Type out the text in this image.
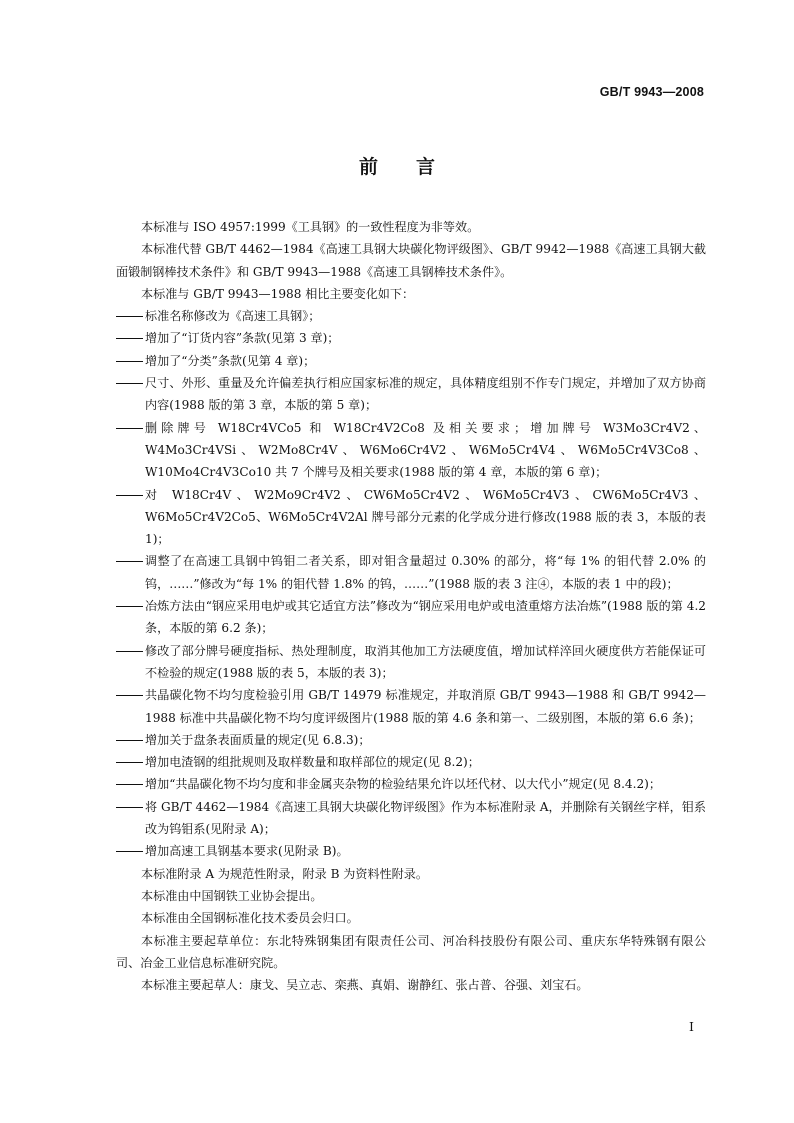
GB/T 9943—2008
前言

本标准与 ISO 4957:1999《工具钢》的一致性程度为非等效。

本标准代替 GB/T 4462—1984《高速工具钢大块碳化物评级图》、GB/T 9942—1988《高速工具钢大截面锻制钢棒技术条件》和 GB/T 9943—1988《高速工具钢棒技术条件》。

本标准与 GB/T 9943—1988 相比主要变化如下：

标准名称修改为《高速工具钢》；
增加了“订货内容”条款(见第 3 章)；
增加了“分类”条款(见第 4 章)；
尺寸、外形、重量及允许偏差执行相应国家标准的规定，具体精度组别不作专门规定，并增加了双方协商内容(1988 版的第 3 章，本版的第 5 章)；
删除牌号 W18Cr4VCo5 和 W18Cr4V2Co8 及相关要求；增加牌号 W3Mo3Cr4V2、W4Mo3Cr4VSi、W2Mo8Cr4V、W6Mo6Cr4V2、W6Mo5Cr4V4、W6Mo5Cr4V3Co8、W10Mo4Cr4V3Co10 共 7 个牌号及相关要求(1988 版的第 4 章，本版的第 6 章)；
对 W18Cr4V、W2Mo9Cr4V2、CW6Mo5Cr4V2、W6Mo5Cr4V3、CW6Mo5Cr4V3、W6Mo5Cr4V2Co5、W6Mo5Cr4V2Al 牌号部分元素的化学成分进行修改(1988 版的表 3，本版的表 1)；
调整了在高速工具钢中钨钼二者关系，即对钼含量超过 0.30% 的部分，将“每 1% 的钼代替 2.0% 的钨，……”修改为“每 1% 的钼代替 1.8% 的钨，……”(1988 版的表 3 注④，本版的表 1 中的段)；
冶炼方法由“钢应采用电炉或其它适宜方法”修改为“钢应采用电炉或电渣重熔方法冶炼”(1988 版的第 4.2 条，本版的第 6.2 条)；
修改了部分牌号硬度指标、热处理制度，取消其他加工方法硬度值，增加试样淬回火硬度供方若能保证可不检验的规定(1988 版的表 5，本版的表 3)；
共晶碳化物不均匀度检验引用 GB/T 14979 标准规定，并取消原 GB/T 9943—1988 和 GB/T 9942—1988 标准中共晶碳化物不均匀度评级图片(1988 版的第 4.6 条和第一、二级别图，本版的第 6.6 条)；
增加关于盘条表面质量的规定(见 6.8.3)；
增加电渣钢的组批规则及取样数量和取样部位的规定(见 8.2)；
增加“共晶碳化物不均匀度和非金属夹杂物的检验结果允许以坯代材、以大代小”规定(见 8.4.2)；
将 GB/T 4462—1984《高速工具钢大块碳化物评级图》作为本标准附录 A，并删除有关钢丝字样，钼系改为钨钼系(见附录 A)；
增加高速工具钢基本要求(见附录 B)。

本标准附录 A 为规范性附录，附录 B 为资料性附录。

本标准由中国钢铁工业协会提出。

本标准由全国钢标准化技术委员会归口。

本标准主要起草单位：东北特殊钢集团有限责任公司、河冶科技股份有限公司、重庆东华特殊钢有限公司、冶金工业信息标准研究院。

本标准主要起草人：康戈、吴立志、栾燕、真娟、谢静红、张占普、谷强、刘宝石。

I
